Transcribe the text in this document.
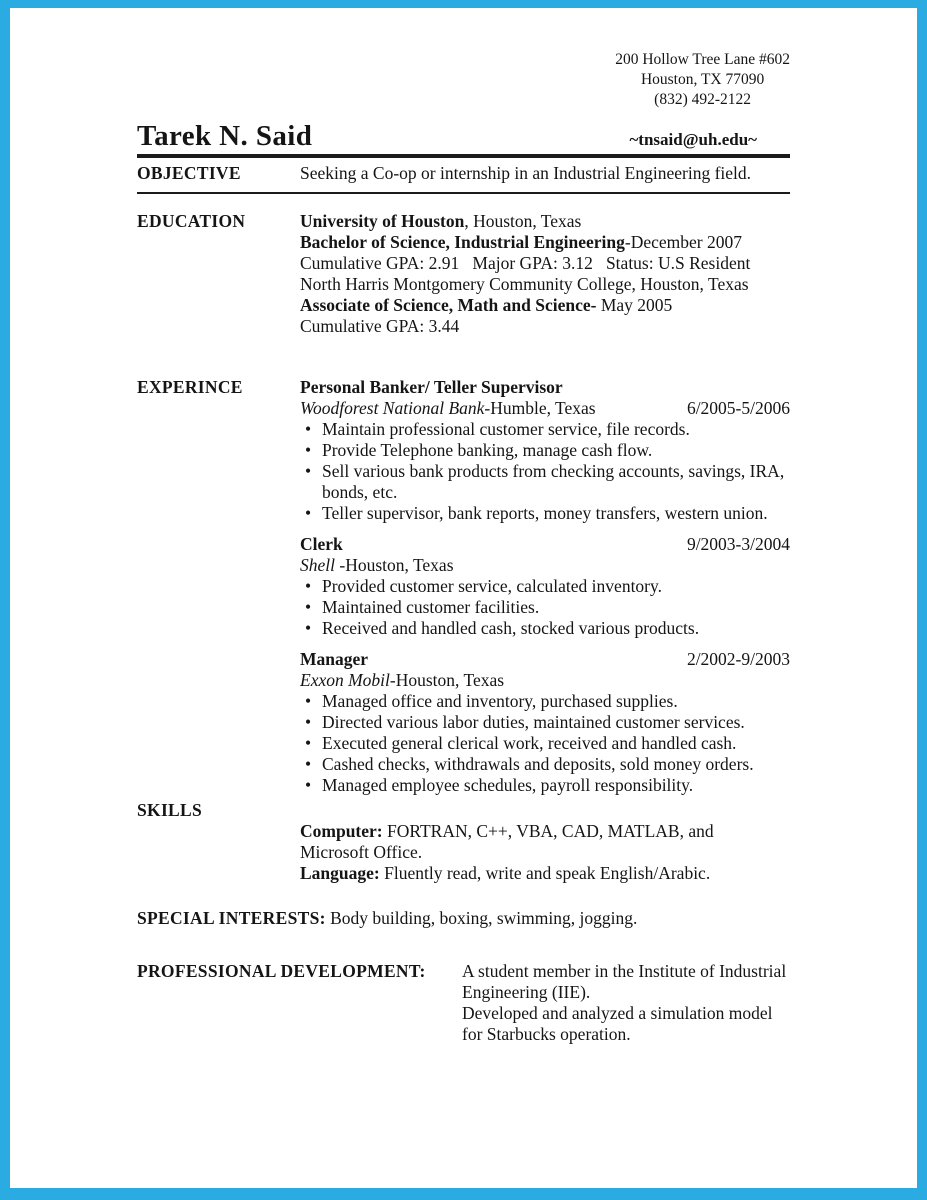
200 Hollow Tree Lane #602
Houston, TX 77090
(832) 492-2122
Tarek N. Said	~tnsaid@uh.edu~
OBJECTIVE	Seeking a Co-op or internship in an Industrial Engineering field.
EDUCATION	University of Houston, Houston, Texas
Bachelor of Science, Industrial Engineering-December 2007
Cumulative GPA: 2.91   Major GPA: 3.12   Status: U.S Resident
North Harris Montgomery Community College, Houston, Texas
Associate of Science, Math and Science- May 2005
Cumulative GPA: 3.44
EXPERINCE	Personal Banker/ Teller Supervisor
Woodforest National Bank-Humble, Texas	6/2005-5/2006
• Maintain professional customer service, file records.
• Provide Telephone banking, manage cash flow.
• Sell various bank products from checking accounts, savings, IRA, bonds, etc.
• Teller supervisor, bank reports, money transfers, western union.
Clerk	9/2003-3/2004
Shell -Houston, Texas
• Provided customer service, calculated inventory.
• Maintained customer facilities.
• Received and handled cash, stocked various products.
Manager	2/2002-9/2003
Exxon Mobil-Houston, Texas
• Managed office and inventory, purchased supplies.
• Directed various labor duties, maintained customer services.
• Executed general clerical work, received and handled cash.
• Cashed checks, withdrawals and deposits, sold money orders.
• Managed employee schedules, payroll responsibility.
SKILLS
Computer: FORTRAN, C++, VBA, CAD, MATLAB, and Microsoft Office.
Language: Fluently read, write and speak English/Arabic.
SPECIAL INTERESTS: Body building, boxing, swimming, jogging.
PROFESSIONAL DEVELOPMENT:	A student member in the Institute of Industrial Engineering (IIE).
Developed and analyzed a simulation model for Starbucks operation.
